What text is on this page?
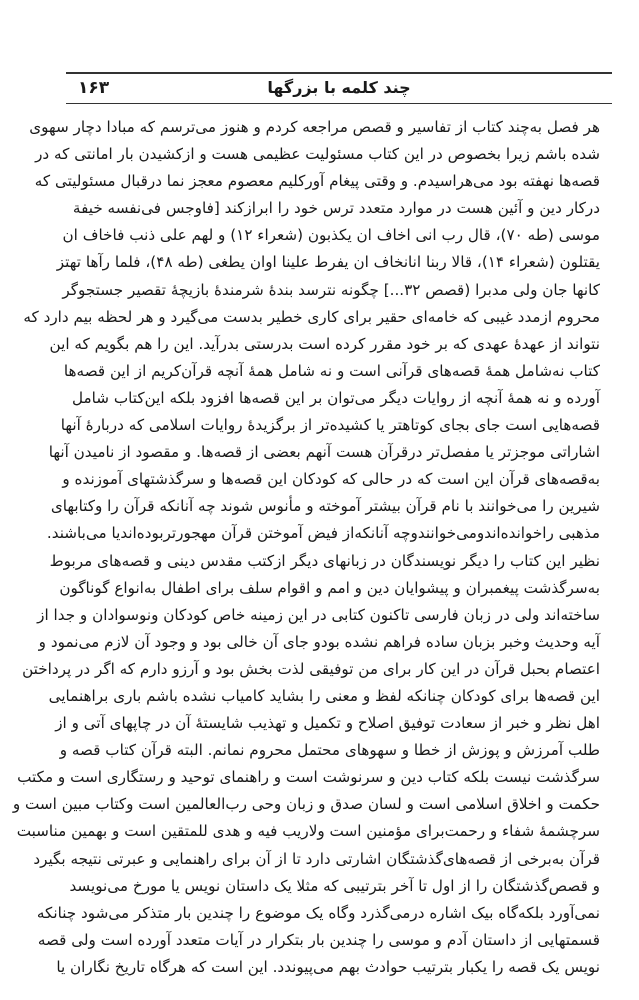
۱۶۳	چند کلمه با بزرگها
هر فصل به‌چند کتاب از تفاسیر و قصص مراجعه کردم و هنوز می‌ترسم که مبادا دچار سهوی
شده باشم زیرا بخصوص در این کتاب مسئولیت عظیمی هست و ازکشیدن بار امانتی که در
قصه‌ها نهفته بود می‌هراسیدم. و وقتی پیغام آورکلیم معصوم معجز نما درقبال مسئولیتی که
درکار دین و آئین هست در موارد متعدد ترس خود را ابرازکند [فاوجس فی‌نفسه خیفة
موسی (طه ۷۰)، قال رب انی اخاف ان یکذبون (شعراء ۱۲) و لهم علی ذنب فاخاف ان
یقتلون (شعراء ۱۴)، قالا ربنا انانخاف ان یفرط علینا اوان یطغی (طه ۴۸)، فلما رآها تهتز
کانها جان ولی مدبرا (قصص ۳۲...] چگونه نترسد بندهٔ شرمندهٔ بازیچهٔ تقصیر جستجوگر
محروم ازمدد غیبی که خامه‌ای حقیر برای کاری خطیر بدست می‌گیرد و هر لحظه بیم دارد که
نتواند از عهدهٔ عهدی که بر خود مقرر کرده است بدرستی بدرآید. این را هم بگویم که این
کتاب نه‌شامل همهٔ قصه‌های قرآنی است و نه شامل همهٔ آنچه قرآن‌کریم از این قصه‌ها
آورده و نه همهٔ آنچه از روایات دیگر می‌توان بر این قصه‌ها افزود بلکه این‌کتاب شامل
قصه‌هایی است جای بجای کوتاهتر یا کشیده‌تر از برگزیدهٔ روایات اسلامی که دربارهٔ آنها
اشاراتی موجزتر یا مفصل‌تر درقرآن هست آنهم بعضی از قصه‌ها. و مقصود از نامیدن آنها
به‌قصه‌های قرآن این است که در حالی که کودکان این قصه‌ها و سرگذشتهای آموزنده و
شیرین را می‌خوانند با نام قرآن بیشتر آموخته و مأنوس شوند چه آنانکه قرآن را وکتابهای
مذهبی راخوانده‌اندومی‌خوانندوچه آنانکه‌از فیض آموختن قرآن مهجورتربوده‌اندیا می‌باشند.
نظیر این کتاب را دیگر نویسندگان در زبانهای دیگر ازکتب مقدس دینی و قصه‌های مربوط
به‌سرگذشت پیغمبران و پیشوایان دین و امم و اقوام سلف برای اطفال به‌انواع گوناگون
ساخته‌اند ولی در زبان فارسی تاکنون کتابی در این زمینه خاص کودکان ونوسوادان و جدا از
آیه وحدیث وخبر بزبان ساده فراهم نشده بودو جای آن خالی بود و وجود آن لازم می‌نمود و
اعتصام بحبل قرآن در این کار برای من توفیقی لذت بخش بود و آرزو دارم که اگر در پرداختن
این قصه‌ها برای کودکان چنانکه لفظ و معنی را بشاید کامیاب نشده باشم باری براهنمایی
اهل نظر و خبر از سعادت توفیق اصلاح و تکمیل و تهذیب شایستهٔ آن در چاپهای آتی و از
طلب آمرزش و پوزش از خطا و سهوهای محتمل محروم نمانم. البته قرآن کتاب قصه و
سرگذشت نیست بلکه کتاب دین و سرنوشت است و راهنمای توحید و رستگاری است و مکتب
حکمت و اخلاق اسلامی است و لسان صدق و زبان وحی رب‌العالمین است وکتاب مبین است و
سرچشمهٔ شفاء و رحمت‌برای مؤمنین است ولاریب فیه و هدی للمتقین است و بهمین مناسبت
قرآن به‌برخی از قصه‌های‌گذشتگان اشارتی دارد تا از آن برای راهنمایی و عبرتی نتیجه بگیرد
و قصص‌گذشتگان را از اول تا آخر بترتیبی که مثلا یک داستان نویس یا مورخ می‌نویسد
نمی‌آورد بلکه‌گاه بیک اشاره درمی‌گذرد وگاه یک موضوع را چندین بار متذکر می‌شود چنانکه
قسمتهایی از داستان آدم و موسی را چندین بار بتکرار در آیات متعدد آورده است ولی قصه‌
نویس یک قصه را یکبار بترتیب حوادث بهم می‌پیوندد. این است که هرگاه تاریخ نگاران یا
